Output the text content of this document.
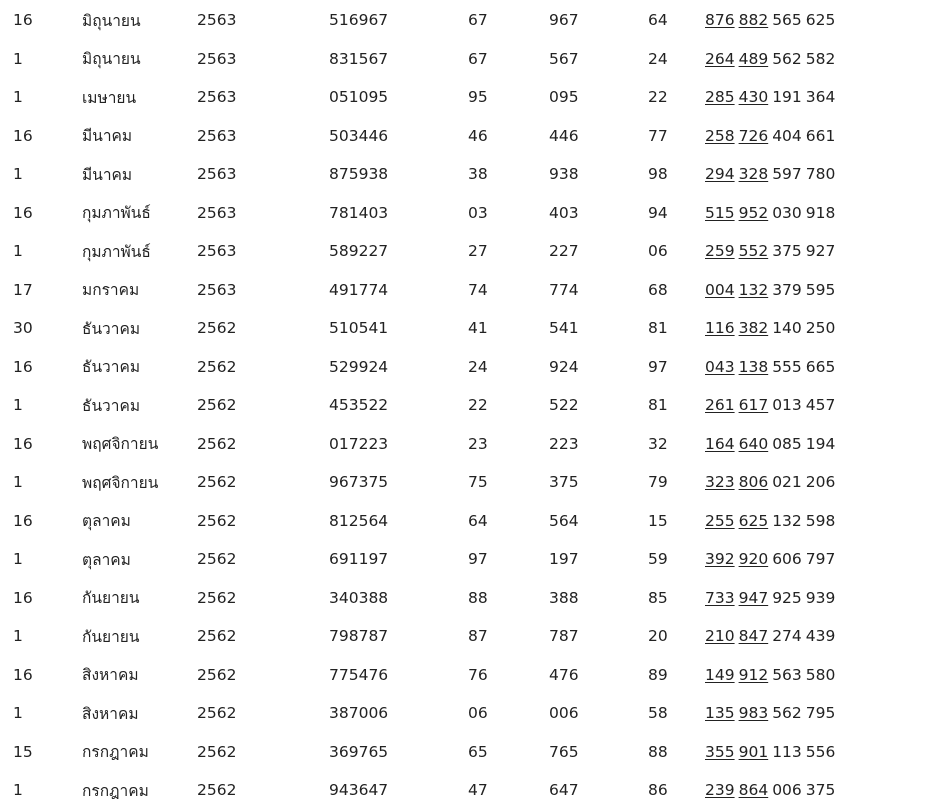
16	มิถุนายน	2563	516967	67	967	64	876 882 565 625
1	มิถุนายน	2563	831567	67	567	24	264 489 562 582
1	เมษายน	2563	051095	95	095	22	285 430 191 364
16	มีนาคม	2563	503446	46	446	77	258 726 404 661
1	มีนาคม	2563	875938	38	938	98	294 328 597 780
16	กุมภาพันธ์	2563	781403	03	403	94	515 952 030 918
1	กุมภาพันธ์	2563	589227	27	227	06	259 552 375 927
17	มกราคม	2563	491774	74	774	68	004 132 379 595
30	ธันวาคม	2562	510541	41	541	81	116 382 140 250
16	ธันวาคม	2562	529924	24	924	97	043 138 555 665
1	ธันวาคม	2562	453522	22	522	81	261 617 013 457
16	พฤศจิกายน	2562	017223	23	223	32	164 640 085 194
1	พฤศจิกายน	2562	967375	75	375	79	323 806 021 206
16	ตุลาคม	2562	812564	64	564	15	255 625 132 598
1	ตุลาคม	2562	691197	97	197	59	392 920 606 797
16	กันยายน	2562	340388	88	388	85	733 947 925 939
1	กันยายน	2562	798787	87	787	20	210 847 274 439
16	สิงหาคม	2562	775476	76	476	89	149 912 563 580
1	สิงหาคม	2562	387006	06	006	58	135 983 562 795
15	กรกฎาคม	2562	369765	65	765	88	355 901 113 556
1	กรกฎาคม	2562	943647	47	647	86	239 864 006 375
